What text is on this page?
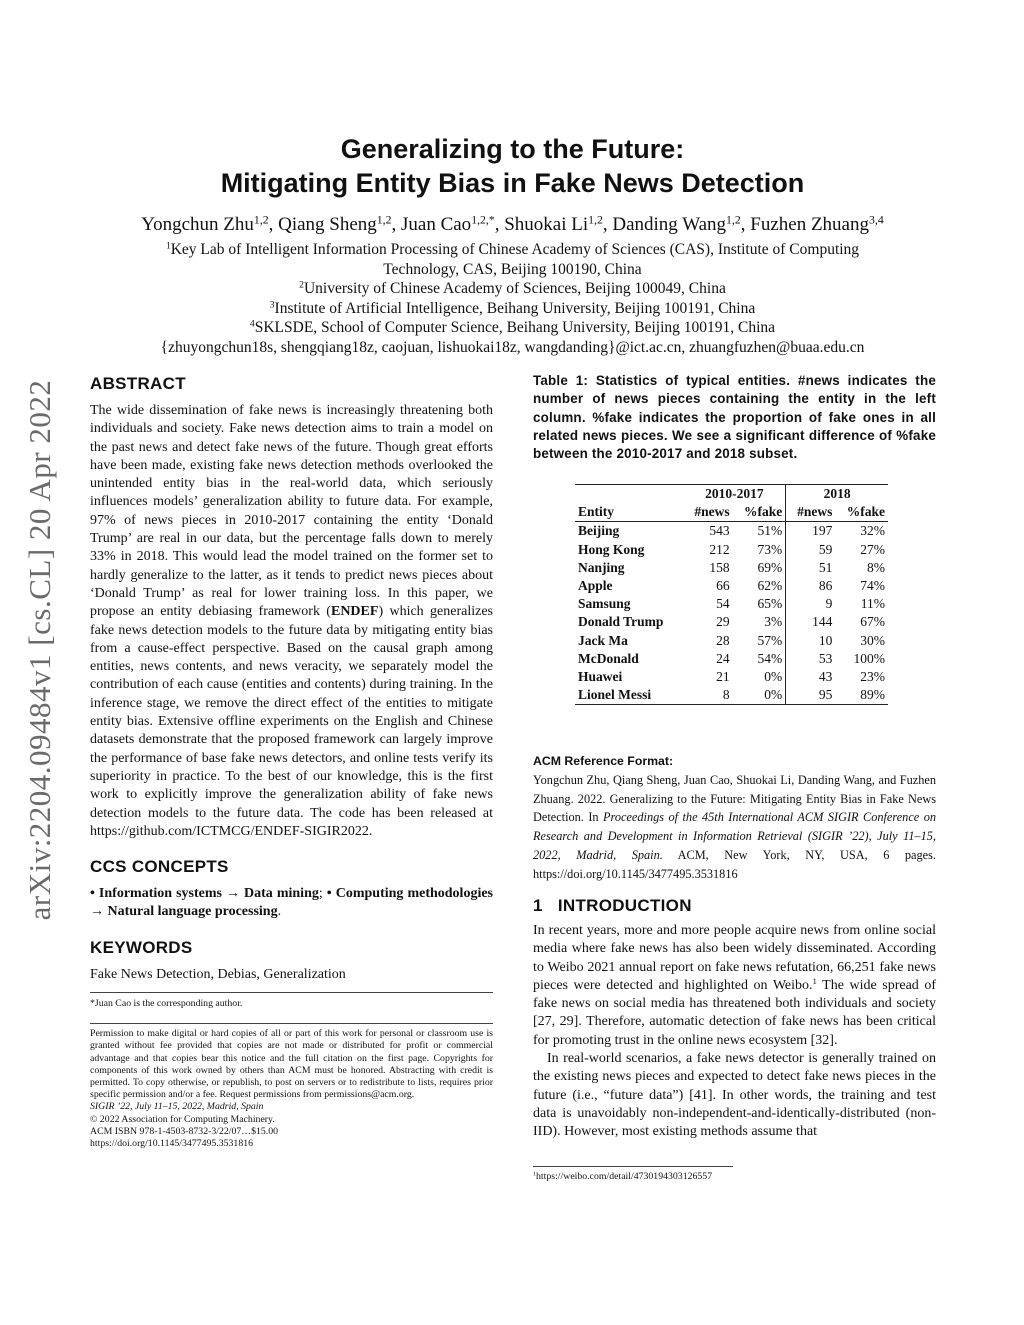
arXiv:2204.09484v1 [cs.CL] 20 Apr 2022
Generalizing to the Future:
Mitigating Entity Bias in Fake News Detection
Yongchun Zhu$^{1,2}$, Qiang Sheng$^{1,2}$, Juan Cao$^{1,2,*}$, Shuokai Li$^{1,2}$, Danding Wang$^{1,2}$, Fuzhen Zhuang$^{3,4}$
$^1$Key Lab of Intelligent Information Processing of Chinese Academy of Sciences (CAS), Institute of Computing
Technology, CAS, Beijing 100190, China
$^2$University of Chinese Academy of Sciences, Beijing 100049, China
$^3$Institute of Artificial Intelligence, Beihang University, Beijing 100191, China
$^4$SKLSDE, School of Computer Science, Beihang University, Beijing 100191, China
{zhuyongchun18s, shengqiang18z, caojuan, lishuokai18z, wangdanding}@ict.ac.cn, zhuangfuzhen@buaa.edu.cn
ABSTRACT

The wide dissemination of fake news is increasingly threatening both individuals and society. Fake news detection aims to train a model on the past news and detect fake news of the future. Though great efforts have been made, existing fake news detection methods overlooked the unintended entity bias in the real-world data, which seriously influences models’ generalization ability to future data. For example, 97% of news pieces in 2010-2017 containing the entity ‘Donald Trump’ are real in our data, but the percentage falls down to merely 33% in 2018. This would lead the model trained on the former set to hardly generalize to the latter, as it tends to predict news pieces about ‘Donald Trump’ as real for lower training loss. In this paper, we propose an entity debiasing framework (ENDEF) which generalizes fake news detection models to the future data by mitigating entity bias from a cause-effect perspective. Based on the causal graph among entities, news contents, and news veracity, we separately model the contribution of each cause (entities and contents) during training. In the inference stage, we remove the direct effect of the entities to mitigate entity bias. Extensive offline experiments on the English and Chinese datasets demonstrate that the proposed framework can largely improve the performance of base fake news detectors, and online tests verify its superiority in practice. To the best of our knowledge, this is the first work to explicitly improve the generalization ability of fake news detection models to the future data. The code has been released at https://github.com/ICTMCG/ENDEF-SIGIR2022.

CCS CONCEPTS

• Information systems → Data mining; • Computing methodologies → Natural language processing.

KEYWORDS

Fake News Detection, Debias, Generalization

*Juan Cao is the corresponding author.

Permission to make digital or hard copies of all or part of this work for personal or classroom use is granted without fee provided that copies are not made or distributed for profit or commercial advantage and that copies bear this notice and the full citation on the first page. Copyrights for components of this work owned by others than ACM must be honored. Abstracting with credit is permitted. To copy otherwise, or republish, to post on servers or to redistribute to lists, requires prior specific permission and/or a fee. Request permissions from permissions@acm.org.

SIGIR ’22, July 11–15, 2022, Madrid, Spain

© 2022 Association for Computing Machinery.

ACM ISBN 978-1-4503-8732-3/22/07…$15.00

https://doi.org/10.1145/3477495.3531816

Table 1: Statistics of typical entities. #news indicates the number of news pieces containing the entity in the left column. %fake indicates the proportion of fake ones in all related news pieces. We see a significant difference of %fake between the 2010-2017 and 2018 subset.
	2010-2017		2018	
Entity	#news	%fake	#news	%fake
Beijing	543	51%	197	32%
Hong Kong	212	73%	59	27%
Nanjing	158	69%	51	8%
Apple	66	62%	86	74%
Samsung	54	65%	9	11%
Donald Trump	29	3%	144	67%
Jack Ma	28	57%	10	30%
McDonald	24	54%	53	100%
Huawei	21	0%	43	23%
Lionel Messi	8	0%	95	89%
ACM Reference Format:
Yongchun Zhu, Qiang Sheng, Juan Cao, Shuokai Li, Danding Wang, and Fuzhen Zhuang. 2022. Generalizing to the Future: Mitigating Entity Bias in Fake News Detection. In Proceedings of the 45th International ACM SIGIR Conference on Research and Development in Information Retrieval (SIGIR ’22), July 11–15, 2022, Madrid, Spain. ACM, New York, NY, USA, 6 pages. https://doi.org/10.1145/3477495.3531816
1 INTRODUCTION

In recent years, more and more people acquire news from online social media where fake news has also been widely disseminated. According to Weibo 2021 annual report on fake news refutation, 66,251 fake news pieces were detected and highlighted on Weibo.$^1$ The wide spread of fake news on social media has threatened both individuals and society [27, 29]. Therefore, automatic detection of fake news has been critical for promoting trust in the online news ecosystem [32].

In real-world scenarios, a fake news detector is generally trained on the existing news pieces and expected to detect fake news pieces in the future (i.e., “future data”) [41]. In other words, the training and test data is unavoidably non-independent-and-identically-distributed (non-IID). However, most existing methods assume that

$^1$https://weibo.com/detail/4730194303126557
